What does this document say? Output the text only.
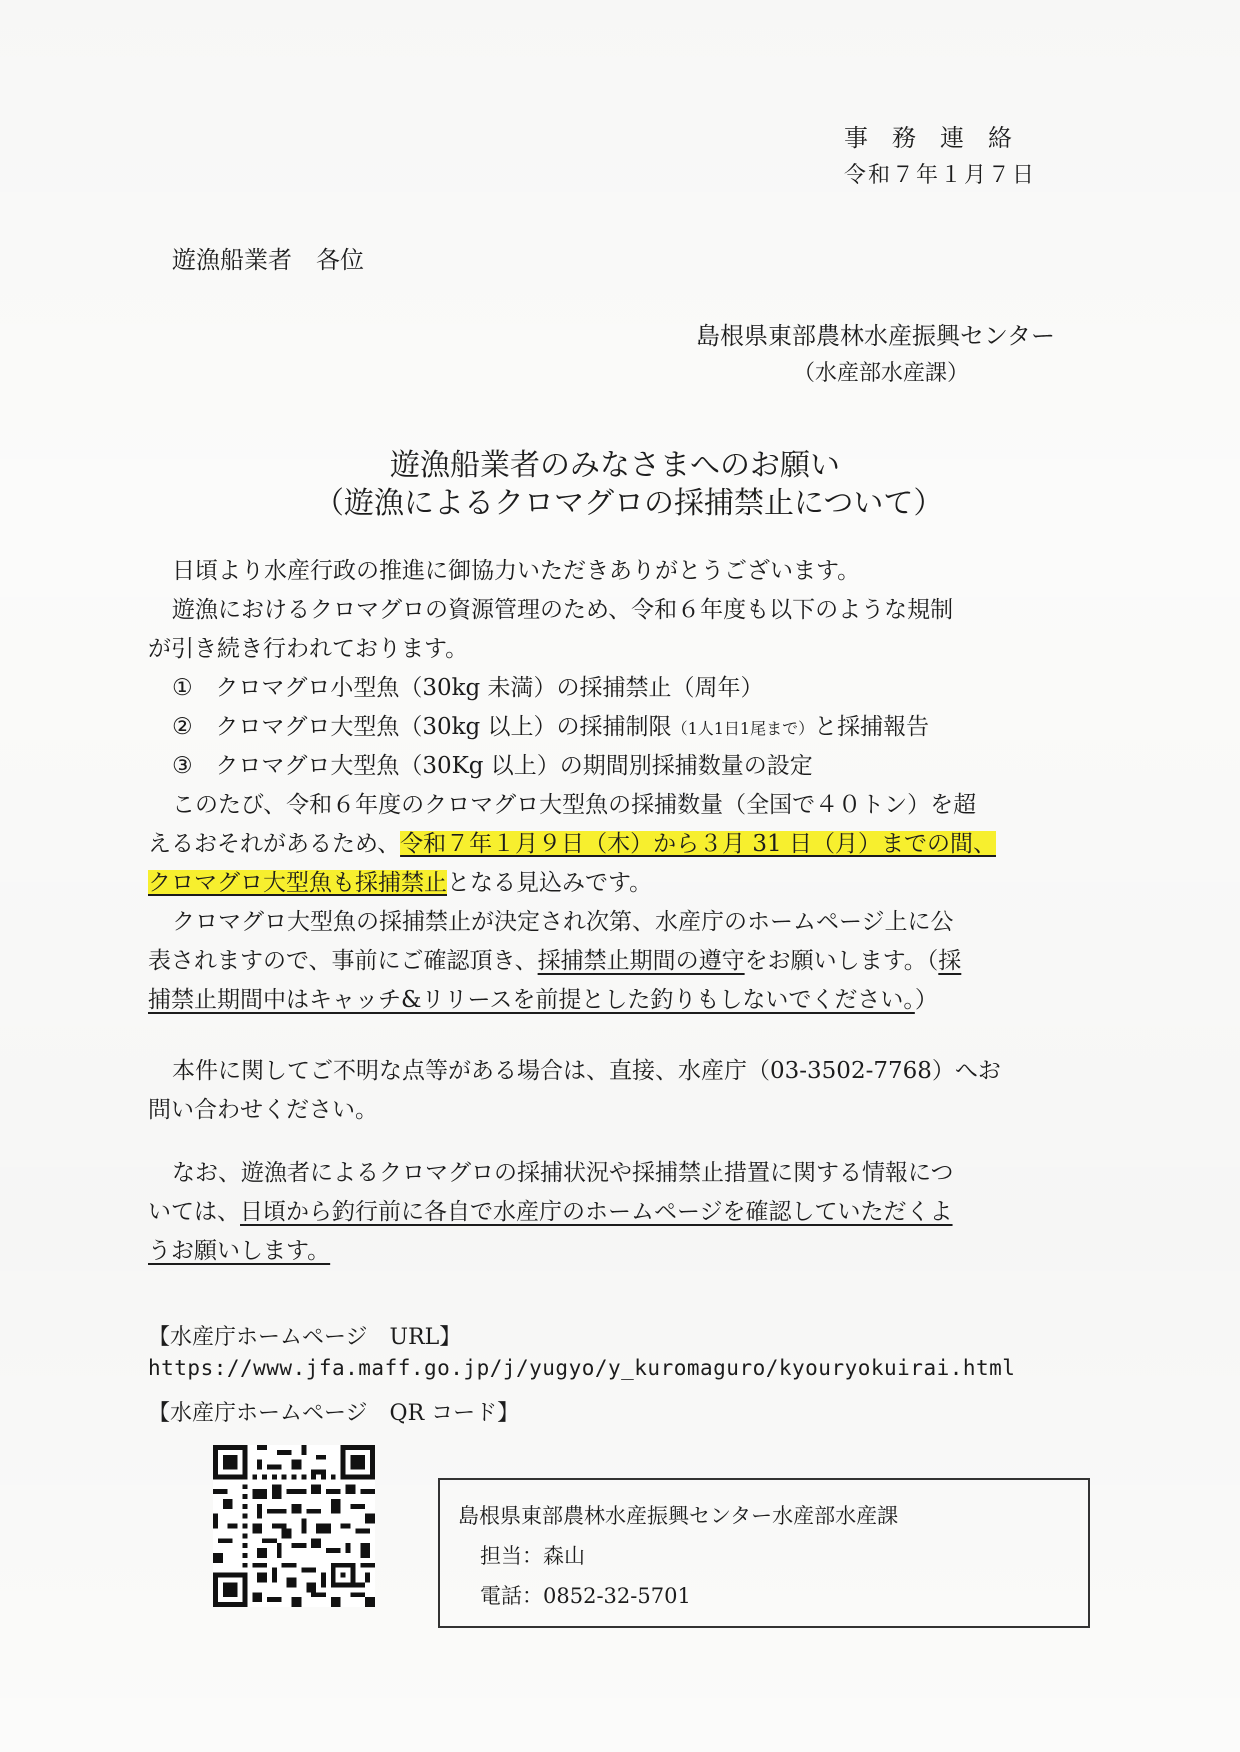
事務連絡
令和７年１月７日
遊漁船業者　各位
島根県東部農林水産振興センター
（水産部水産課）
遊漁船業者のみなさまへのお願い
（遊漁によるクロマグロの採捕禁止について）
日頃より水産行政の推進に御協力いただきありがとうございます。
遊漁におけるクロマグロの資源管理のため、令和６年度も以下のような規制
が引き続き行われております。
① クロマグロ小型魚（30kg 未満）の採捕禁止（周年）
② クロマグロ大型魚（30kg 以上）の採捕制限（1人1日1尾まで）と採捕報告
③ クロマグロ大型魚（30Kg 以上）の期間別採捕数量の設定
このたび、令和６年度のクロマグロ大型魚の採捕数量（全国で４０トン）を超
えるおそれがあるため、令和７年１月９日（木）から３月 31 日（月）までの間、
クロマグロ大型魚も採捕禁止となる見込みです。
クロマグロ大型魚の採捕禁止が決定され次第、水産庁のホームページ上に公
表されますので、事前にご確認頂き、採捕禁止期間の遵守をお願いします。（採
捕禁止期間中はキャッチ&リリースを前提とした釣りもしないでください。）
本件に関してご不明な点等がある場合は、直接、水産庁（03-3502-7768）へお
問い合わせください。
なお、遊漁者によるクロマグロの採捕状況や採捕禁止措置に関する情報につ
いては、日頃から釣行前に各自で水産庁のホームページを確認していただくよ
うお願いします。
【水産庁ホームページ　URL】
https://www.jfa.maff.go.jp/j/yugyo/y_kuromaguro/kyouryokuirai.html
【水産庁ホームページ　QR コード】
島根県東部農林水産振興センター水産部水産課
担当：森山
電話：0852-32-5701
